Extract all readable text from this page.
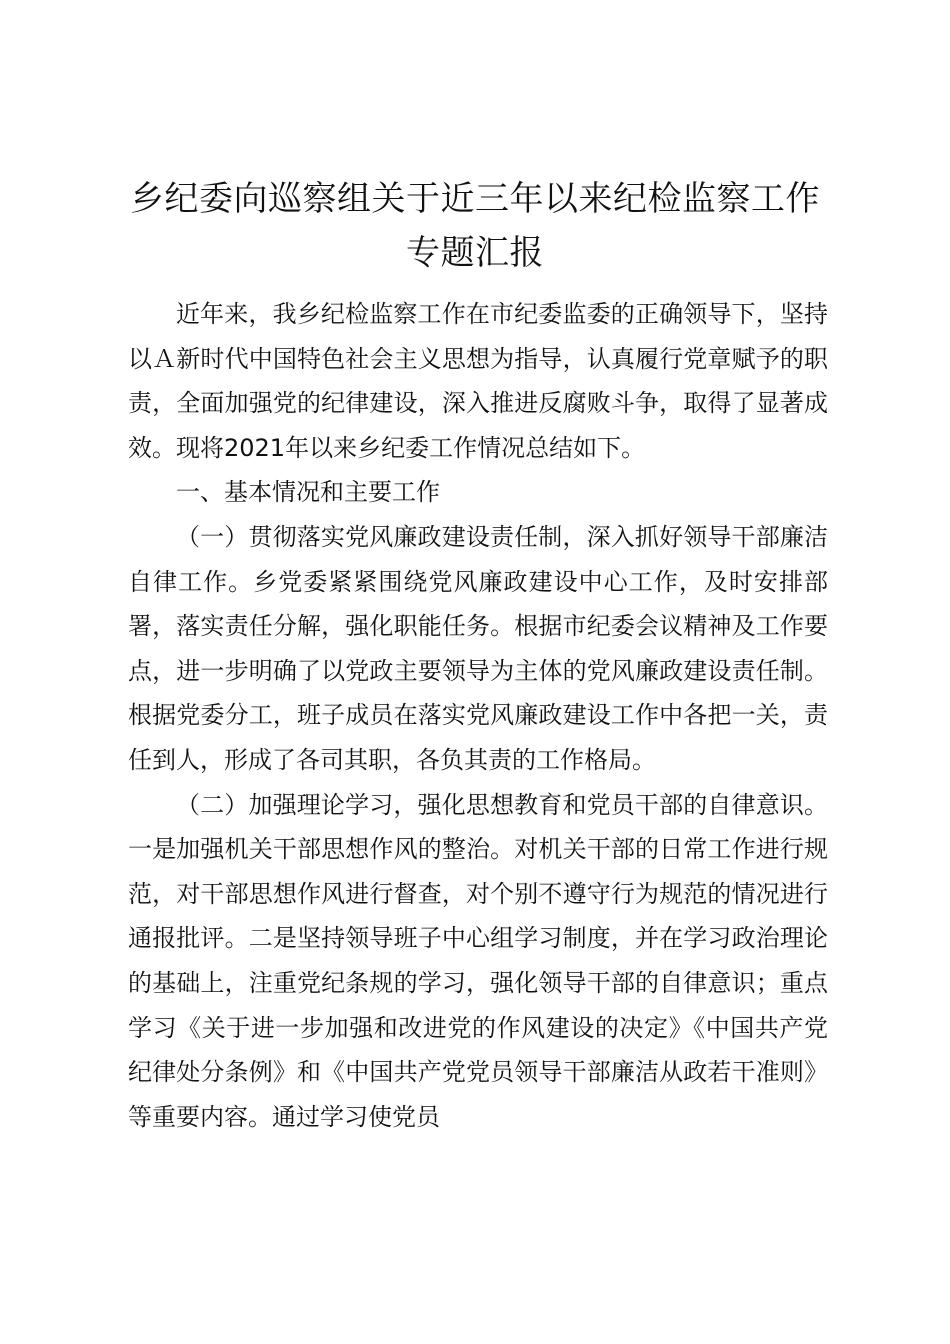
乡纪委向巡察组关于近三年以来纪检监察工作
专题汇报

近年来，我乡纪检监察工作在市纪委监委的正确领导下，坚持以Ａ新时代中国特色社会主义思想为指导，认真履行党章赋予的职责，全面加强党的纪律建设，深入推进反腐败斗争，取得了显著成效。现将2021年以来乡纪委工作情况总结如下。

一、基本情况和主要工作

（一）贯彻落实党风廉政建设责任制，深入抓好领导干部廉洁自律工作。乡党委紧紧围绕党风廉政建设中心工作，及时安排部署，落实责任分解，强化职能任务。根据市纪委会议精神及工作要点，进一步明确了以党政主要领导为主体的党风廉政建设责任制。根据党委分工，班子成员在落实党风廉政建设工作中各把一关，责任到人，形成了各司其职，各负其责的工作格局。

（二）加强理论学习，强化思想教育和党员干部的自律意识。一是加强机关干部思想作风的整治。对机关干部的日常工作进行规范，对干部思想作风进行督查，对个别不遵守行为规范的情况进行通报批评。二是坚持领导班子中心组学习制度，并在学习政治理论的基础上，注重党纪条规的学习，强化领导干部的自律意识；重点学习《关于进一步加强和改进党的作风建设的决定》《中国共产党纪律处分条例》和《中国共产党党员领导干部廉洁从政若干准则》等重要内容。通过学习使党员
